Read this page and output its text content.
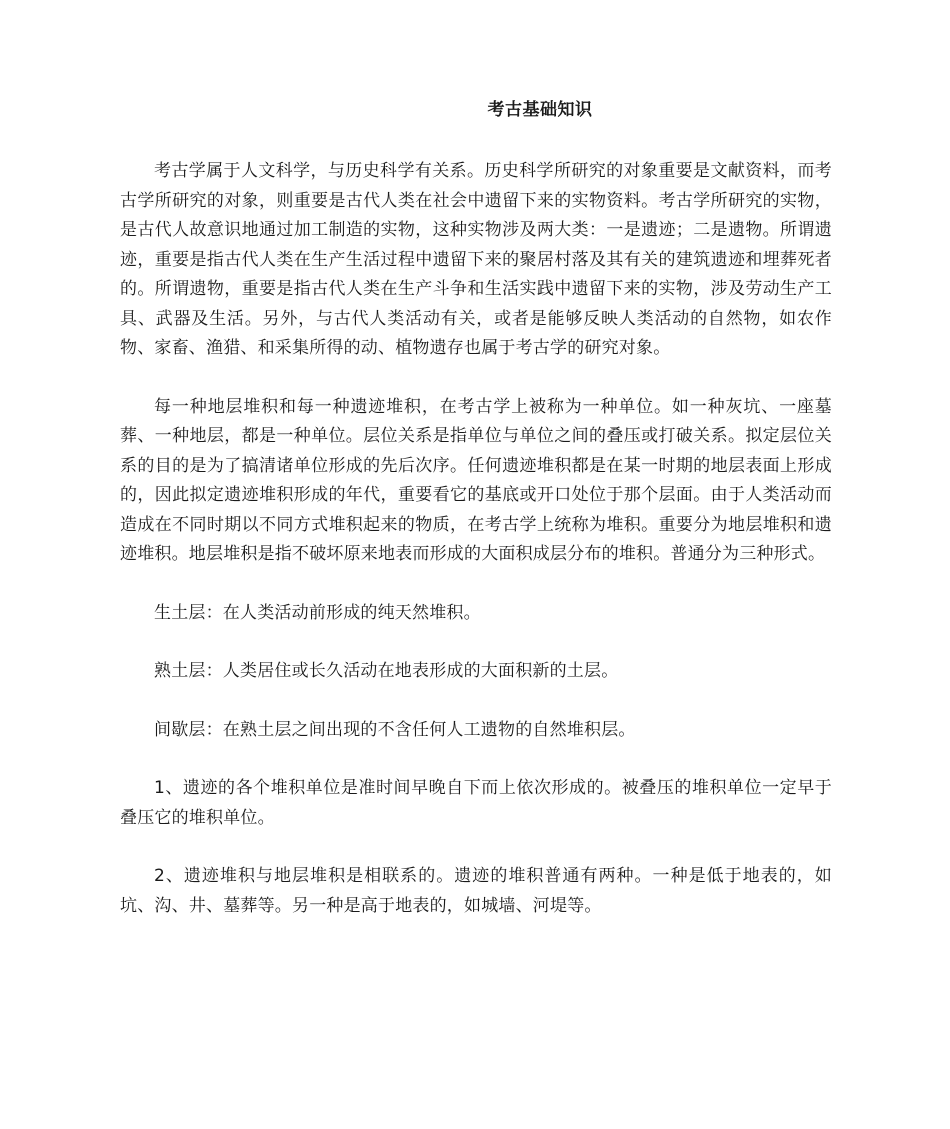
考古基础知识

考古学属于人文科学，与历史科学有关系。历史科学所研究的对象重要是文献资料，而考古学所研究的对象，则重要是古代人类在社会中遗留下来的实物资料。考古学所研究的实物，是古代人故意识地通过加工制造的实物，这种实物涉及两大类：一是遗迹；二是遗物。所谓遗迹，重要是指古代人类在生产生活过程中遗留下来的聚居村落及其有关的建筑遗迹和埋葬死者的。所谓遗物，重要是指古代人类在生产斗争和生活实践中遗留下来的实物，涉及劳动生产工具、武器及生活。另外，与古代人类活动有关，或者是能够反映人类活动的自然物，如农作物、家畜、渔猎、和采集所得的动、植物遗存也属于考古学的研究对象。

每一种地层堆积和每一种遗迹堆积，在考古学上被称为一种单位。如一种灰坑、一座墓葬、一种地层，都是一种单位。层位关系是指单位与单位之间的叠压或打破关系。拟定层位关系的目的是为了搞清诸单位形成的先后次序。任何遗迹堆积都是在某一时期的地层表面上形成的，因此拟定遗迹堆积形成的年代，重要看它的基底或开口处位于那个层面。由于人类活动而造成在不同时期以不同方式堆积起来的物质，在考古学上统称为堆积。重要分为地层堆积和遗迹堆积。地层堆积是指不破坏原来地表而形成的大面积成层分布的堆积。普通分为三种形式。

生土层：在人类活动前形成的纯天然堆积。

熟土层：人类居住或长久活动在地表形成的大面积新的土层。

间歇层：在熟土层之间出现的不含任何人工遗物的自然堆积层。

1、遗迹的各个堆积单位是准时间早晚自下而上依次形成的。被叠压的堆积单位一定早于叠压它的堆积单位。

2、遗迹堆积与地层堆积是相联系的。遗迹的堆积普通有两种。一种是低于地表的，如坑、沟、井、墓葬等。另一种是高于地表的，如城墙、河堤等。
